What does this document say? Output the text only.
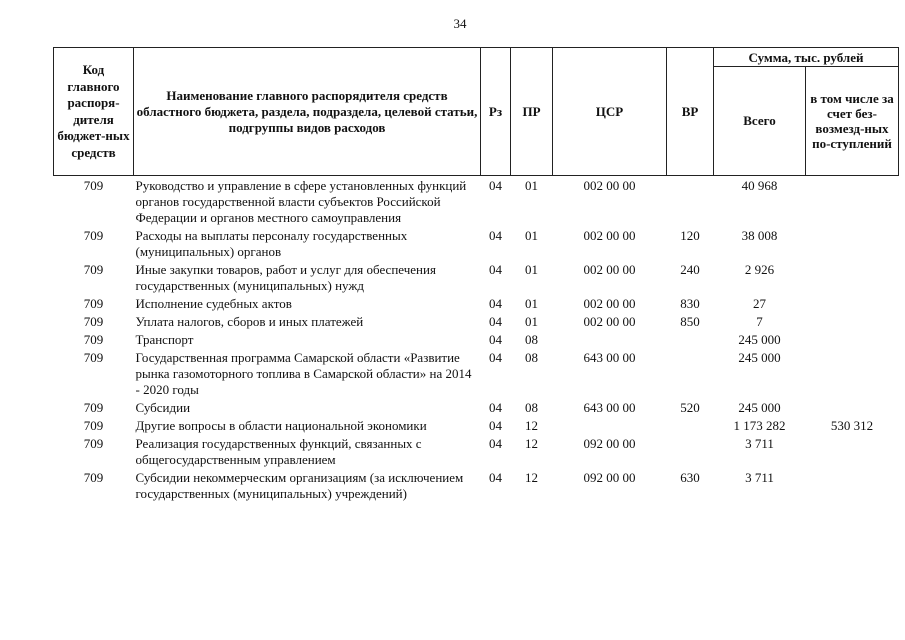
34
Код главного распоря-дителя бюджет-ных средств	Наименование главного распорядителя средств областного бюджета, раздела, подраздела, целевой статьи, подгруппы видов расходов	Рз	ПР	ЦСР	ВР	Сумма, тыс. рублей	
						Всего	в том числе за счет без-возмезд-ных по-ступлений
709	Руководство и управление в сфере установленных функций органов государственной власти субъектов Российской Федерации и органов местного самоуправления	04	01	002 00 00		40 968	
709	Расходы на выплаты персоналу государственных (муниципальных) органов	04	01	002 00 00	120	38 008	
709	Иные закупки товаров, работ и услуг для обеспечения государственных (муниципальных) нужд	04	01	002 00 00	240	2 926	
709	Исполнение судебных актов	04	01	002 00 00	830	27	
709	Уплата налогов, сборов и иных платежей	04	01	002 00 00	850	7	
709	Транспорт	04	08			245 000	
709	Государственная программа Самарской области «Развитие рынка газомоторного топлива в Самарской области» на 2014 - 2020 годы	04	08	643 00 00		245 000	
709	Субсидии	04	08	643 00 00	520	245 000	
709	Другие вопросы в области национальной экономики	04	12			1 173 282	530 312
709	Реализация государственных функций, связанных с общегосударственным управлением	04	12	092 00 00		3 711	
709	Субсидии некоммерческим организациям (за исключением государственных (муниципальных) учреждений)	04	12	092 00 00	630	3 711	
